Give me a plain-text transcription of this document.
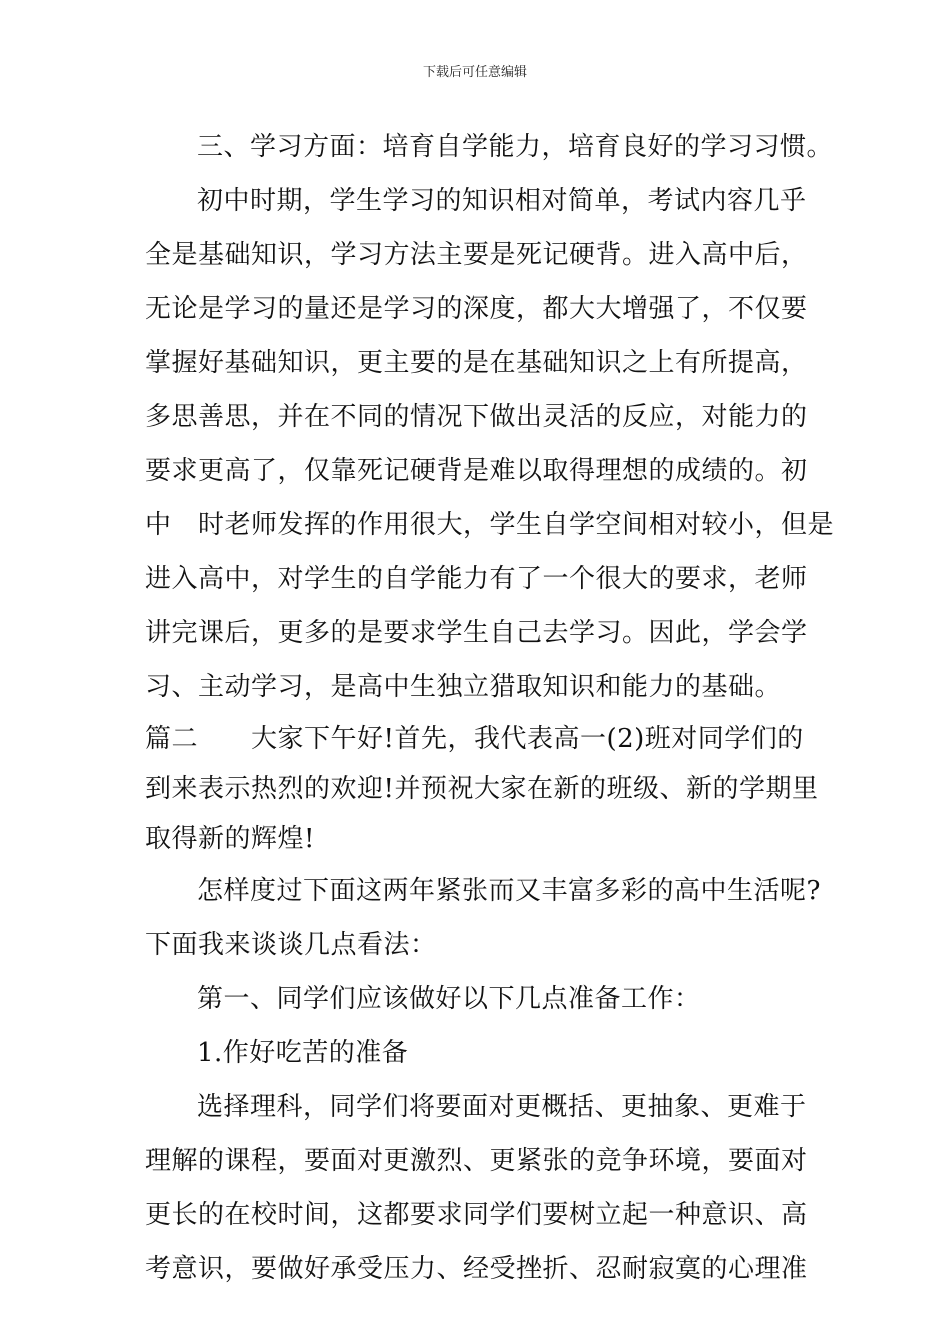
下载后可任意编辑
三、学习方面：培育自学能力，培育良好的学习习惯。
初中时期，学生学习的知识相对简单，考试内容几乎
全是基础知识，学习方法主要是死记硬背。进入高中后，
无论是学习的量还是学习的深度，都大大增强了，不仅要
掌握好基础知识，更主要的是在基础知识之上有所提高，
多思善思，并在不同的情况下做出灵活的反应，对能力的
要求更高了，仅靠死记硬背是难以取得理想的成绩的。初
中　时老师发挥的作用很大，学生自学空间相对较小，但是
进入高中，对学生的自学能力有了一个很大的要求，老师
讲完课后，更多的是要求学生自己去学习。因此，学会学
习、主动学习，是高中生独立猎取知识和能力的基础。
篇二　　大家下午好!首先，我代表高一(2)班对同学们的
到来表示热烈的欢迎!并预祝大家在新的班级、新的学期里
取得新的辉煌!
怎样度过下面这两年紧张而又丰富多彩的高中生活呢?
下面我来谈谈几点看法：
第一、同学们应该做好以下几点准备工作：
1.作好吃苦的准备
选择理科，同学们将要面对更概括、更抽象、更难于
理解的课程，要面对更激烈、更紧张的竞争环境，要面对
更长的在校时间，这都要求同学们要树立起一种意识、高
考意识，要做好承受压力、经受挫折、忍耐寂寞的心理准
